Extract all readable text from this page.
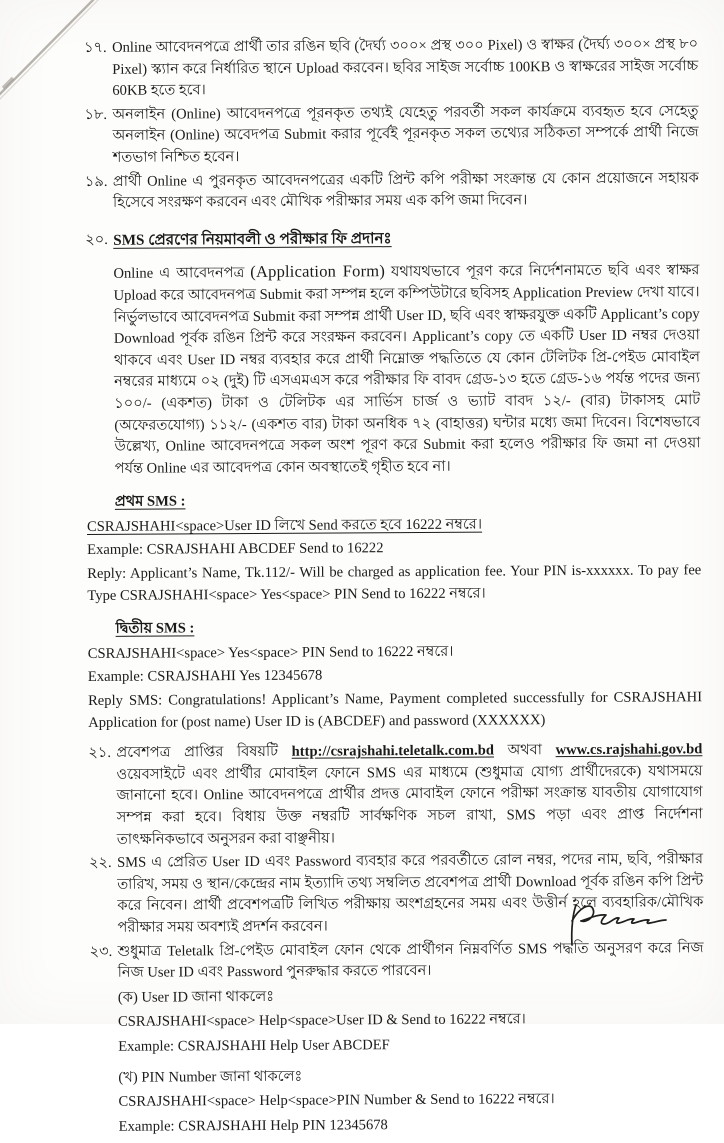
১৭. Online আবেদনপত্রে প্রার্থী তার রঙিন ছবি (দৈর্ঘ্য ৩০০× প্রস্থ ৩০০ Pixel) ও স্বাক্ষর (দৈর্ঘ্য ৩০০× প্রস্থ ৮০ Pixel) স্ক্যান করে নির্ধারিত স্থানে Upload করবেন। ছবির সাইজ সর্বোচ্চ 100KB ও স্বাক্ষরের সাইজ সর্বোচ্চ 60KB হতে হবে।
১৮. অনলাইন (Online) আবেদনপত্রে পূরনকৃত তথ্যই যেহেতু পরবর্তী সকল কার্যক্রমে ব্যবহৃত হবে সেহেতু অনলাইন (Online) অবেদপত্র Submit করার পূর্বেই পূরনকৃত সকল তথ্যের সঠিকতা সম্পর্কে প্রার্থী নিজে শতভাগ নিশ্চিত হবেন।
১৯. প্রার্থী Online এ পুরনকৃত আবেদনপত্রের একটি প্রিন্ট কপি পরীক্ষা সংক্রান্ত যে কোন প্রয়োজনে সহায়ক হিসেবে সংরক্ষণ করবেন এবং মৌখিক পরীক্ষার সময় এক কপি জমা দিবেন।
২০. SMS প্রেরণের নিয়মাবলী ও পরীক্ষার ফি প্রদানঃ
Online এ আবেদনপত্র (Application Form) যথাযথভাবে পূরণ করে নির্দেশনামতে ছবি এবং স্বাক্ষর Upload করে আবেদনপত্র Submit করা সম্পন্ন হলে কম্পিউটারে ছবিসহ Application Preview দেখা যাবে। নির্ভুলভাবে আবেদনপত্র Submit করা সম্পন্ন প্রার্থী User ID, ছবি এবং স্বাক্ষরযুক্ত একটি Applicant’s copy Download পূর্বক রঙিন প্রিন্ট করে সংরক্ষন করবেন। Applicant’s copy তে একটি User ID নম্বর দেওয়া থাকবে এবং User ID নম্বর ব্যবহার করে প্রার্থী নিম্নোক্ত পদ্ধতিতে যে কোন টেলিটক প্রি-পেইড মোবাইল নম্বরের মাধ্যমে ০২ (দুই) টি এসএমএস করে পরীক্ষার ফি বাবদ গ্রেড-১৩ হতে গ্রেড-১৬ পর্যন্ত পদের জন্য ১০০/- (একশত) টাকা ও টেলিটক এর সার্ভিস চার্জ ও ভ্যাট বাবদ ১২/- (বার) টাকাসহ মোট (অফেরতযোগ্য) ১১২/- (একশত বার) টাকা অনধিক ৭২ (বাহাত্তর) ঘন্টার মধ্যে জমা দিবেন। বিশেষভাবে উল্লেখ্য, Online আবেদনপত্রে সকল অংশ পূরণ করে Submit করা হলেও পরীক্ষার ফি জমা না দেওয়া পর্যন্ত Online এর আবেদপত্র কোন অবস্থাতেই গৃহীত হবে না।
প্রথম SMS :
CSRAJSHAHI<space>User ID লিখে Send করতে হবে 16222 নম্বরে।
Example: CSRAJSHAHI ABCDEF Send to 16222
Reply: Applicant’s Name, Tk.112/- Will be charged as application fee. Your PIN is-xxxxxx. To pay fee Type CSRAJSHAHI<space> Yes<space> PIN Send to 16222 নম্বরে।
দ্বিতীয় SMS :
CSRAJSHAHI<space> Yes<space> PIN Send to 16222 নম্বরে।
Example: CSRAJSHAHI Yes 12345678
Reply SMS: Congratulations! Applicant’s Name, Payment completed successfully for CSRAJSHAHI Application for (post name) User ID is (ABCDEF) and password (XXXXXX)
২১. প্রবেশপত্র প্রাপ্তির বিষয়টি http://csrajshahi.teletalk.com.bd অথবা www.cs.rajshahi.gov.bd ওয়েবসাইটে এবং প্রার্থীর মোবাইল ফোনে SMS এর মাধ্যমে (শুধুমাত্র যোগ্য প্রার্থীদেরকে) যথাসময়ে জানানো হবে। Online আবেদনপত্রে প্রার্থীর প্রদত্ত মোবাইল ফোনে পরীক্ষা সংক্রান্ত যাবতীয় যোগাযোগ সম্পন্ন করা হবে। বিধায় উক্ত নম্বরটি সার্বক্ষণিক সচল রাখা, SMS পড়া এবং প্রাপ্ত নির্দেশনা তাৎক্ষনিকভাবে অনুসরন করা বাঞ্ছনীয়।
২২. SMS এ প্রেরিত User ID এবং Password ব্যবহার করে পরবর্তীতে রোল নম্বর, পদের নাম, ছবি, পরীক্ষার তারিখ, সময় ও স্থান/কেন্দ্রের নাম ইত্যাদি তথ্য সম্বলিত প্রবেশপত্র প্রার্থী Download পূর্বক রঙিন কপি প্রিন্ট করে নিবেন। প্রার্থী প্রবেশপত্রটি লিখিত পরীক্ষায় অংশগ্রহনের সময় এবং উত্তীর্ন হলে ব্যবহারিক/মৌখিক পরীক্ষার সময় অবশ্যই প্রদর্শন করবেন।
২৩. শুধুমাত্র Teletalk প্রি-পেইড মোবাইল ফোন থেকে প্রার্থীগন নিম্নবর্ণিত SMS পদ্ধতি অনুসরণ করে নিজ নিজ User ID এবং Password পুনরুদ্ধার করতে পারবেন।
(ক) User ID জানা থাকলেঃ
CSRAJSHAHI<space> Help<space>User ID & Send to 16222 নম্বরে।
Example: CSRAJSHAHI Help User ABCDEF
(খ) PIN Number জানা থাকলেঃ
CSRAJSHAHI<space> Help<space>PIN Number & Send to 16222 নম্বরে।
Example: CSRAJSHAHI Help PIN 12345678
